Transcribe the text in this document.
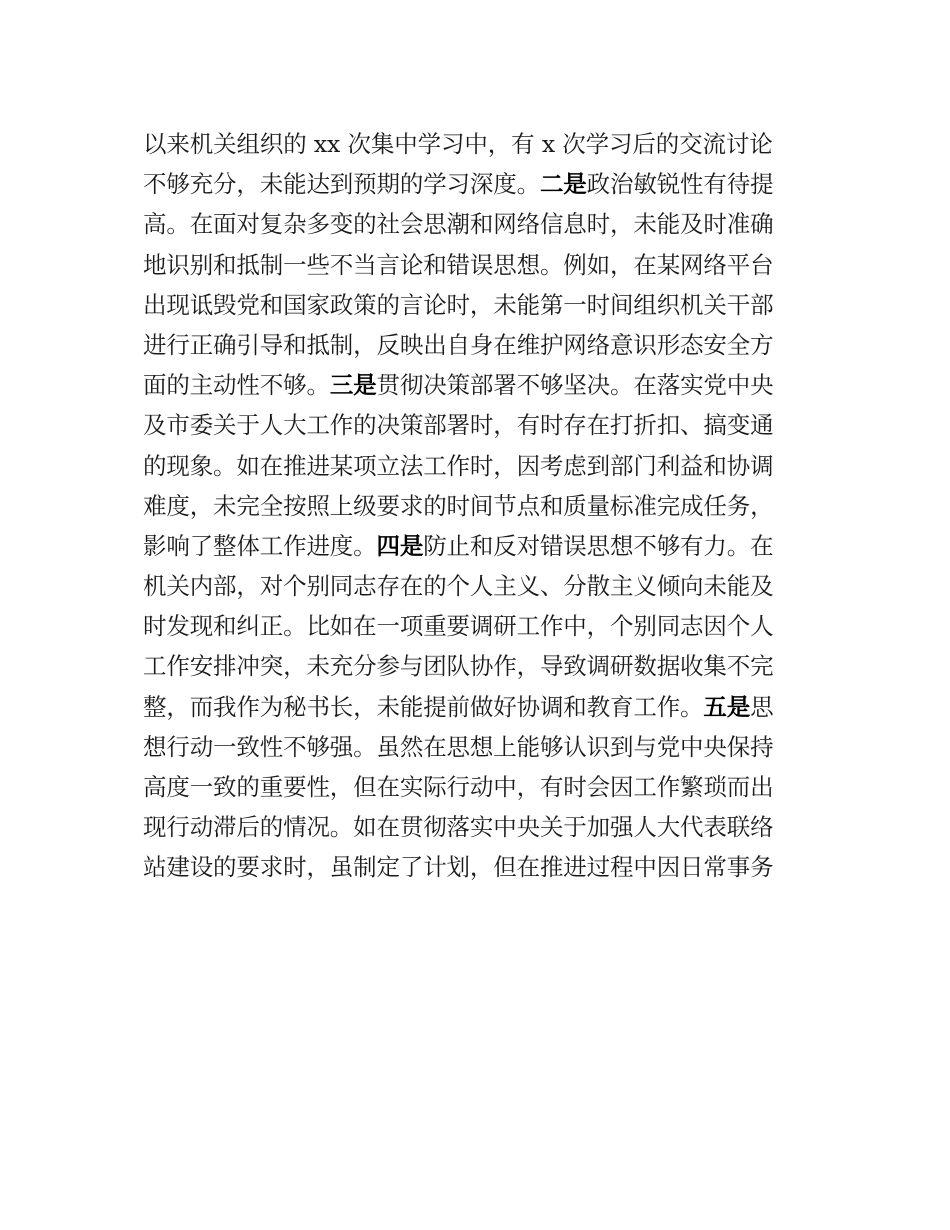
以来机关组织的 xx 次集中学习中，有 x 次学习后的交流讨论
不够充分，未能达到预期的学习深度。二是政治敏锐性有待提
高。在面对复杂多变的社会思潮和网络信息时，未能及时准确
地识别和抵制一些不当言论和错误思想。例如，在某网络平台
出现诋毁党和国家政策的言论时，未能第一时间组织机关干部
进行正确引导和抵制，反映出自身在维护网络意识形态安全方
面的主动性不够。三是贯彻决策部署不够坚决。在落实党中央
及市委关于人大工作的决策部署时，有时存在打折扣、搞变通
的现象。如在推进某项立法工作时，因考虑到部门利益和协调
难度，未完全按照上级要求的时间节点和质量标准完成任务，
影响了整体工作进度。四是防止和反对错误思想不够有力。在
机关内部，对个别同志存在的个人主义、分散主义倾向未能及
时发现和纠正。比如在一项重要调研工作中，个别同志因个人
工作安排冲突，未充分参与团队协作，导致调研数据收集不完
整，而我作为秘书长，未能提前做好协调和教育工作。五是思
想行动一致性不够强。虽然在思想上能够认识到与党中央保持
高度一致的重要性，但在实际行动中，有时会因工作繁琐而出
现行动滞后的情况。如在贯彻落实中央关于加强人大代表联络
站建设的要求时，虽制定了计划，但在推进过程中因日常事务
